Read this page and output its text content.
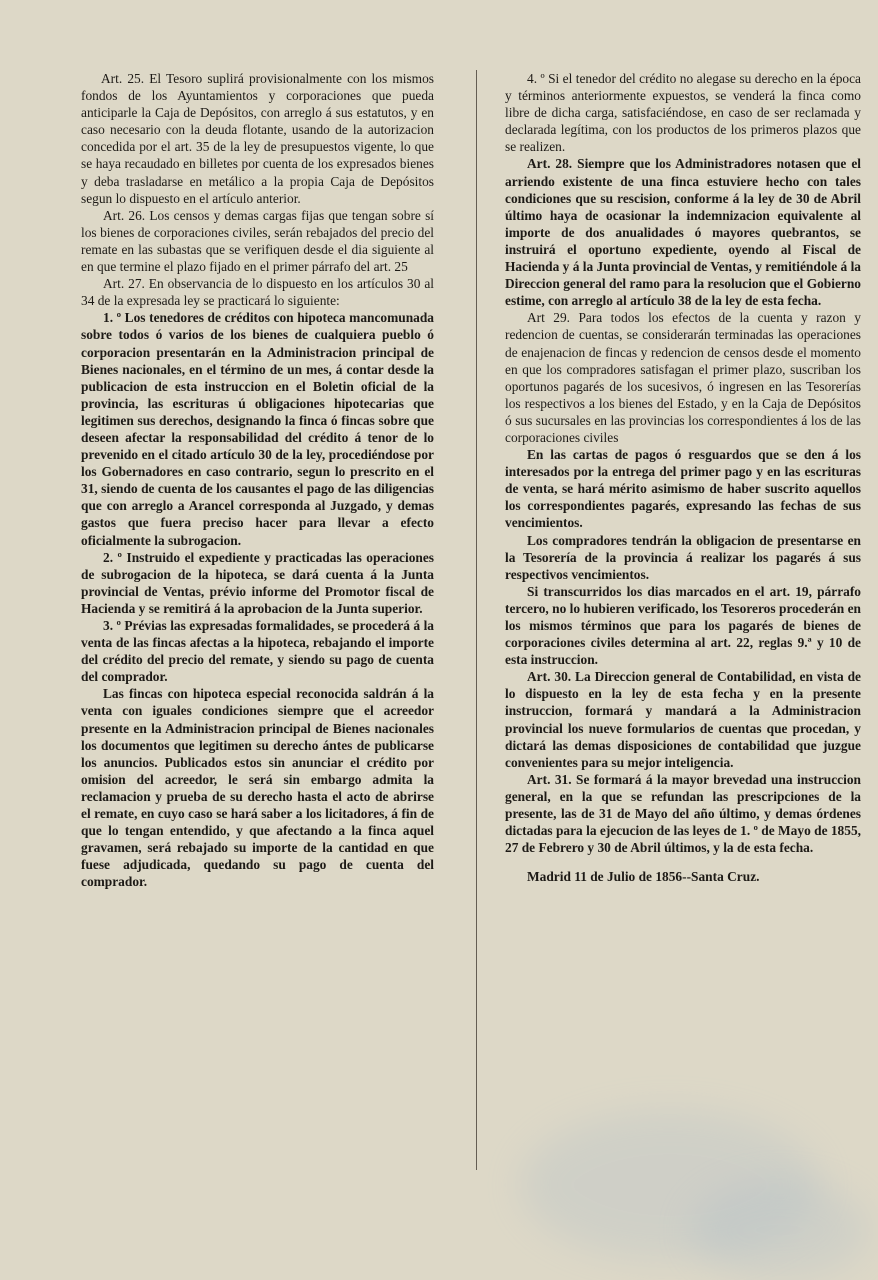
Art. 25. El Tesoro suplirá provisionalmente con los mismos fondos de los Ayuntamientos y corporaciones que pueda anticiparle la Caja de Depósitos, con arreglo á sus estatutos, y en caso necesario con la deuda flotante, usando de la autorizacion concedida por el art. 35 de la ley de presupuestos vigente, lo que se haya recaudado en billetes por cuenta de los expresados bienes y deba trasladarse en metálico a la propia Caja de Depósitos segun lo dispuesto en el artículo anterior.

Art. 26. Los censos y demas cargas fijas que tengan sobre sí los bienes de corporaciones civiles, serán rebajados del precio del remate en las subastas que se verifiquen desde el dia siguiente al en que termine el plazo fijado en el primer párrafo del art. 25

Art. 27. En observancia de lo dispuesto en los artículos 30 al 34 de la expresada ley se practicará lo siguiente:

1. º Los tenedores de créditos con hipoteca mancomunada sobre todos ó varios de los bienes de cualquiera pueblo ó corporacion presentarán en la Administracion principal de Bienes nacionales, en el término de un mes, á contar desde la publicacion de esta instruccion en el Boletin oficial de la provincia, las escrituras ú obligaciones hipotecarias que legitimen sus derechos, designando la finca ó fincas sobre que deseen afectar la responsabilidad del crédito á tenor de lo prevenido en el citado artículo 30 de la ley, procediéndose por los Gobernadores en caso contrario, segun lo prescrito en el 31, siendo de cuenta de los causantes el pago de las diligencias que con arreglo a Arancel corresponda al Juzgado, y demas gastos que fuera preciso hacer para llevar a efecto oficialmente la subrogacion.

2. º Instruido el expediente y practicadas las operaciones de subrogacion de la hipoteca, se dará cuenta á la Junta provincial de Ventas, prévio informe del Promotor fiscal de Hacienda y se remitirá á la aprobacion de la Junta superior.

3. º Prévias las expresadas formalidades, se procederá á la venta de las fincas afectas a la hipoteca, rebajando el importe del crédito del precio del remate, y siendo su pago de cuenta del comprador.

Las fincas con hipoteca especial reconocida saldrán á la venta con iguales condiciones siempre que el acreedor presente en la Administracion principal de Bienes nacionales los documentos que legitimen su derecho ántes de publicarse los anuncios. Publicados estos sin anunciar el crédito por omision del acreedor, le será sin embargo admita la reclamacion y prueba de su derecho hasta el acto de abrirse el remate, en cuyo caso se hará saber a los licitadores, á fin de que lo tengan entendido, y que afectando a la finca aquel gravamen, será rebajado su importe de la cantidad en que fuese adjudicada, quedando su pago de cuenta del comprador.

4. º Si el tenedor del crédito no alegase su derecho en la época y términos anteriormente expuestos, se venderá la finca como libre de dicha carga, satisfaciéndose, en caso de ser reclamada y declarada legítima, con los productos de los primeros plazos que se realizen.

Art. 28. Siempre que los Administradores notasen que el arriendo existente de una finca estuviere hecho con tales condiciones que su rescision, conforme á la ley de 30 de Abril último haya de ocasionar la indemnizacion equivalente al importe de dos anualidades ó mayores quebrantos, se instruirá el oportuno expediente, oyendo al Fiscal de Hacienda y á la Junta provincial de Ventas, y remitiéndole á la Direccion general del ramo para la resolucion que el Gobierno estime, con arreglo al artículo 38 de la ley de esta fecha.

Art 29. Para todos los efectos de la cuenta y razon y redencion de cuentas, se considerarán terminadas las operaciones de enajenacion de fincas y redencion de censos desde el momento en que los compradores satisfagan el primer plazo, suscriban los oportunos pagarés de los sucesivos, ó ingresen en las Tesorerías los respectivos a los bienes del Estado, y en la Caja de Depósitos ó sus sucursales en las provincias los correspondientes á los de las corporaciones civiles

En las cartas de pagos ó resguardos que se den á los interesados por la entrega del primer pago y en las escrituras de venta, se hará mérito asimismo de haber suscrito aquellos los correspondientes pagarés, expresando las fechas de sus vencimientos.

Los compradores tendrán la obligacion de presentarse en la Tesorería de la provincia á realizar los pagarés á sus respectivos vencimientos.

Si transcurridos los dias marcados en el art. 19, párrafo tercero, no lo hubieren verificado, los Tesoreros procederán en los mismos términos que para los pagarés de bienes de corporaciones civiles determina al art. 22, reglas 9.ª y 10 de esta instruccion.

Art. 30. La Direccion general de Contabilidad, en vista de lo dispuesto en la ley de esta fecha y en la presente instruccion, formará y mandará a la Administracion provincial los nueve formularios de cuentas que procedan, y dictará las demas disposiciones de contabilidad que juzgue convenientes para su mejor inteligencia.

Art. 31. Se formará á la mayor brevedad una instruccion general, en la que se refundan las prescripciones de la presente, las de 31 de Mayo del año último, y demas órdenes dictadas para la ejecucion de las leyes de 1. º de Mayo de 1855, 27 de Febrero y 30 de Abril últimos, y la de esta fecha.

Madrid 11 de Julio de 1856--Santa Cruz.
